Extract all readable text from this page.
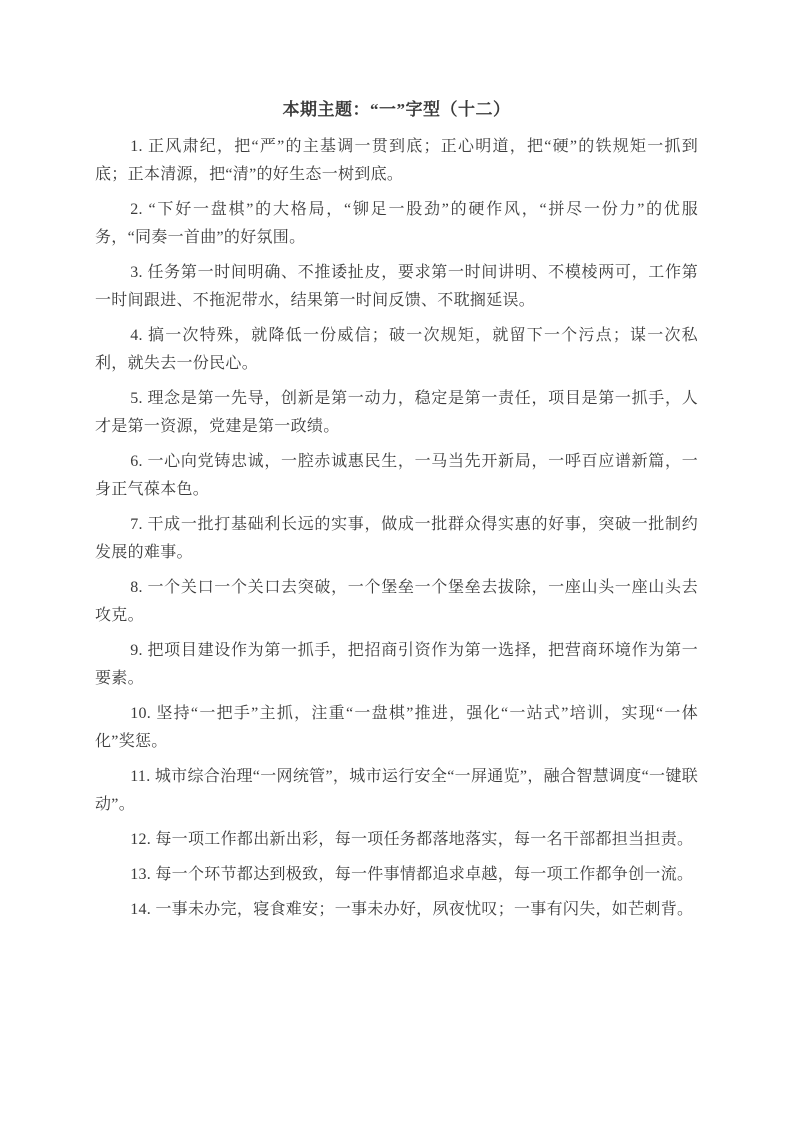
本期主题：“一”字型（十二）

1. 正风肃纪，把“严”的主基调一贯到底；正心明道，把“硬”的铁规矩一抓到底；正本清源，把“清”的好生态一树到底。

2. “下好一盘棋”的大格局，“铆足一股劲”的硬作风，“拼尽一份力”的优服务，“同奏一首曲”的好氛围。

3. 任务第一时间明确、不推诿扯皮，要求第一时间讲明、不模棱两可，工作第一时间跟进、不拖泥带水，结果第一时间反馈、不耽搁延误。

4. 搞一次特殊，就降低一份威信；破一次规矩，就留下一个污点；谋一次私利，就失去一份民心。

5. 理念是第一先导，创新是第一动力，稳定是第一责任，项目是第一抓手，人才是第一资源，党建是第一政绩。

6. 一心向党铸忠诚，一腔赤诚惠民生，一马当先开新局，一呼百应谱新篇，一身正气葆本色。

7. 干成一批打基础利长远的实事，做成一批群众得实惠的好事，突破一批制约发展的难事。

8. 一个关口一个关口去突破，一个堡垒一个堡垒去拔除，一座山头一座山头去攻克。

9. 把项目建设作为第一抓手，把招商引资作为第一选择，把营商环境作为第一要素。

10. 坚持“一把手”主抓，注重“一盘棋”推进，强化“一站式”培训，实现“一体化”奖惩。

11. 城市综合治理“一网统管”，城市运行安全“一屏通览”，融合智慧调度“一键联动”。

12. 每一项工作都出新出彩，每一项任务都落地落实，每一名干部都担当担责。

13. 每一个环节都达到极致，每一件事情都追求卓越，每一项工作都争创一流。

14. 一事未办完，寝食难安；一事未办好，夙夜忧叹；一事有闪失，如芒刺背。
